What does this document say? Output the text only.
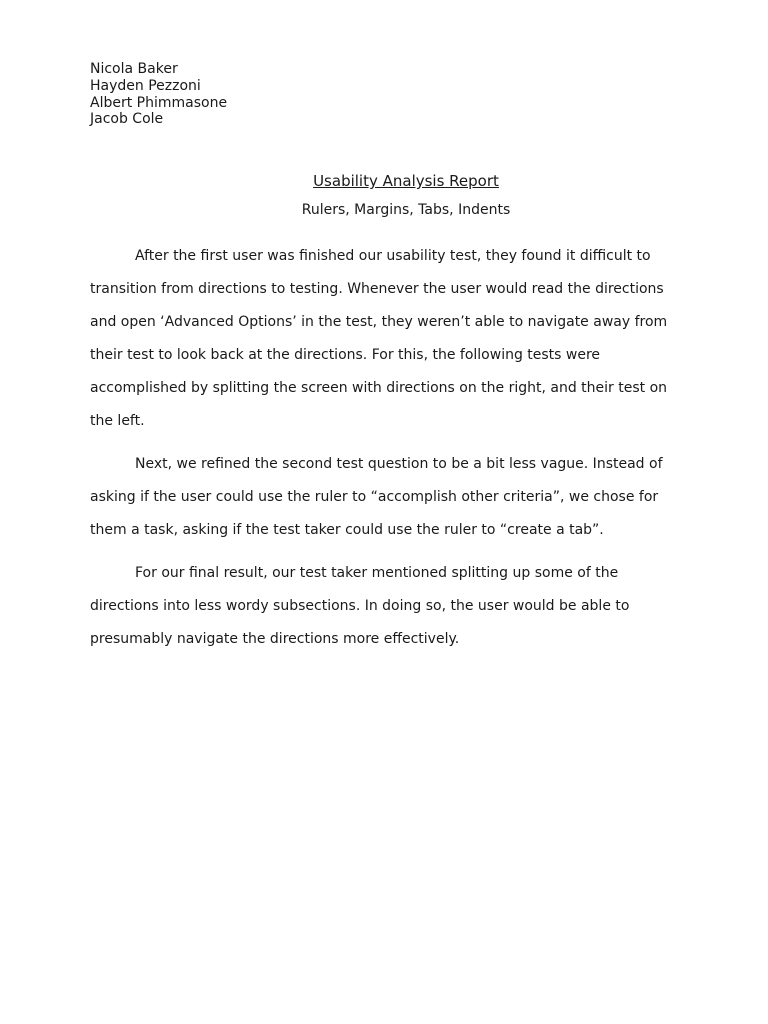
Nicola Baker
Hayden Pezzoni
Albert Phimmasone
Jacob Cole
Usability Analysis Report
Rulers, Margins, Tabs, Indents

After the first user was finished our usability test, they found it difficult to transition from directions to testing. Whenever the user would read the directions and open ‘Advanced Options’ in the test, they weren’t able to navigate away from their test to look back at the directions. For this, the following tests were accomplished by splitting the screen with directions on the right, and their test on the left.

Next, we refined the second test question to be a bit less vague. Instead of asking if the user could use the ruler to “accomplish other criteria”, we chose for them a task, asking if the test taker could use the ruler to “create a tab”.

For our final result, our test taker mentioned splitting up some of the directions into less wordy subsections. In doing so, the user would be able to presumably navigate the directions more effectively.
